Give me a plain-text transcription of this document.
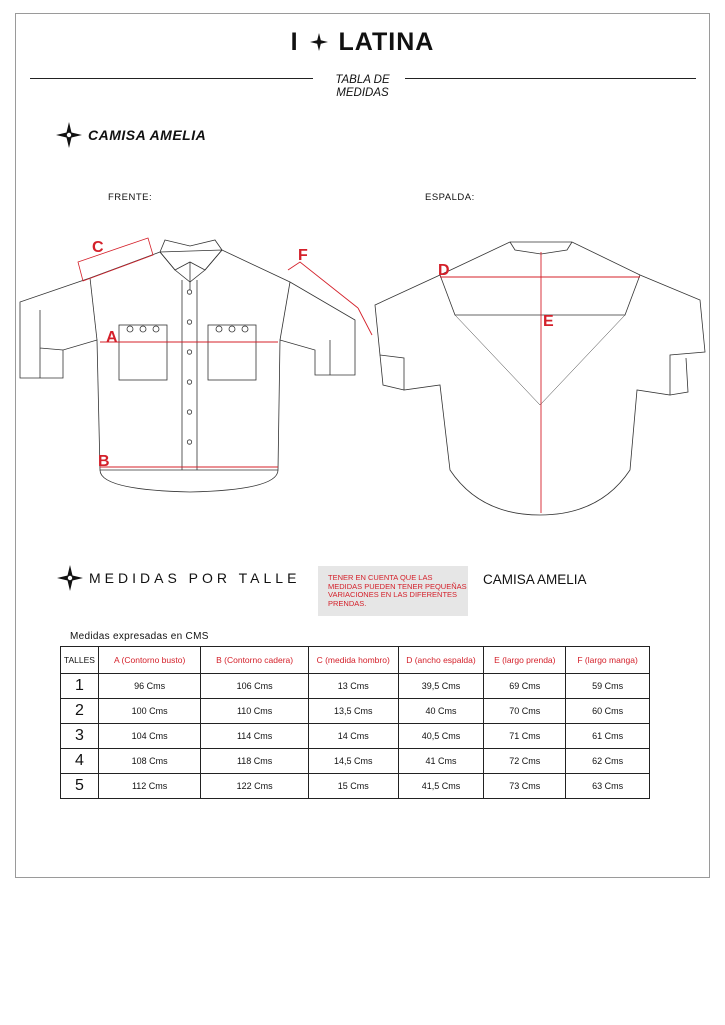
I LATINA
TABLA DE
MEDIDAS
CAMISA AMELIA
FRENTE:	ESPALDA:
A
B
C
D
E
F
MEDIDAS POR TALLE	TENER EN CUENTA QUE LAS MEDIDAS PUEDEN TENER PEQUEÑAS VARIACIONES EN LAS DIFERENTES PRENDAS.
CAMISA AMELIA
Medidas expresadas en CMS
TALLES	A (Contorno busto)	B (Contorno cadera)	C (medida hombro)	D (ancho espalda)	E (largo prenda)	F (largo manga)
1	96 Cms	106 Cms	13 Cms	39,5 Cms	69 Cms	59 Cms
2	100 Cms	110 Cms	13,5 Cms	40 Cms	70 Cms	60 Cms
3	104 Cms	114 Cms	14 Cms	40,5 Cms	71 Cms	61 Cms
4	108 Cms	118 Cms	14,5 Cms	41 Cms	72 Cms	62 Cms
5	112 Cms	122 Cms	15 Cms	41,5 Cms	73 Cms	63 Cms
